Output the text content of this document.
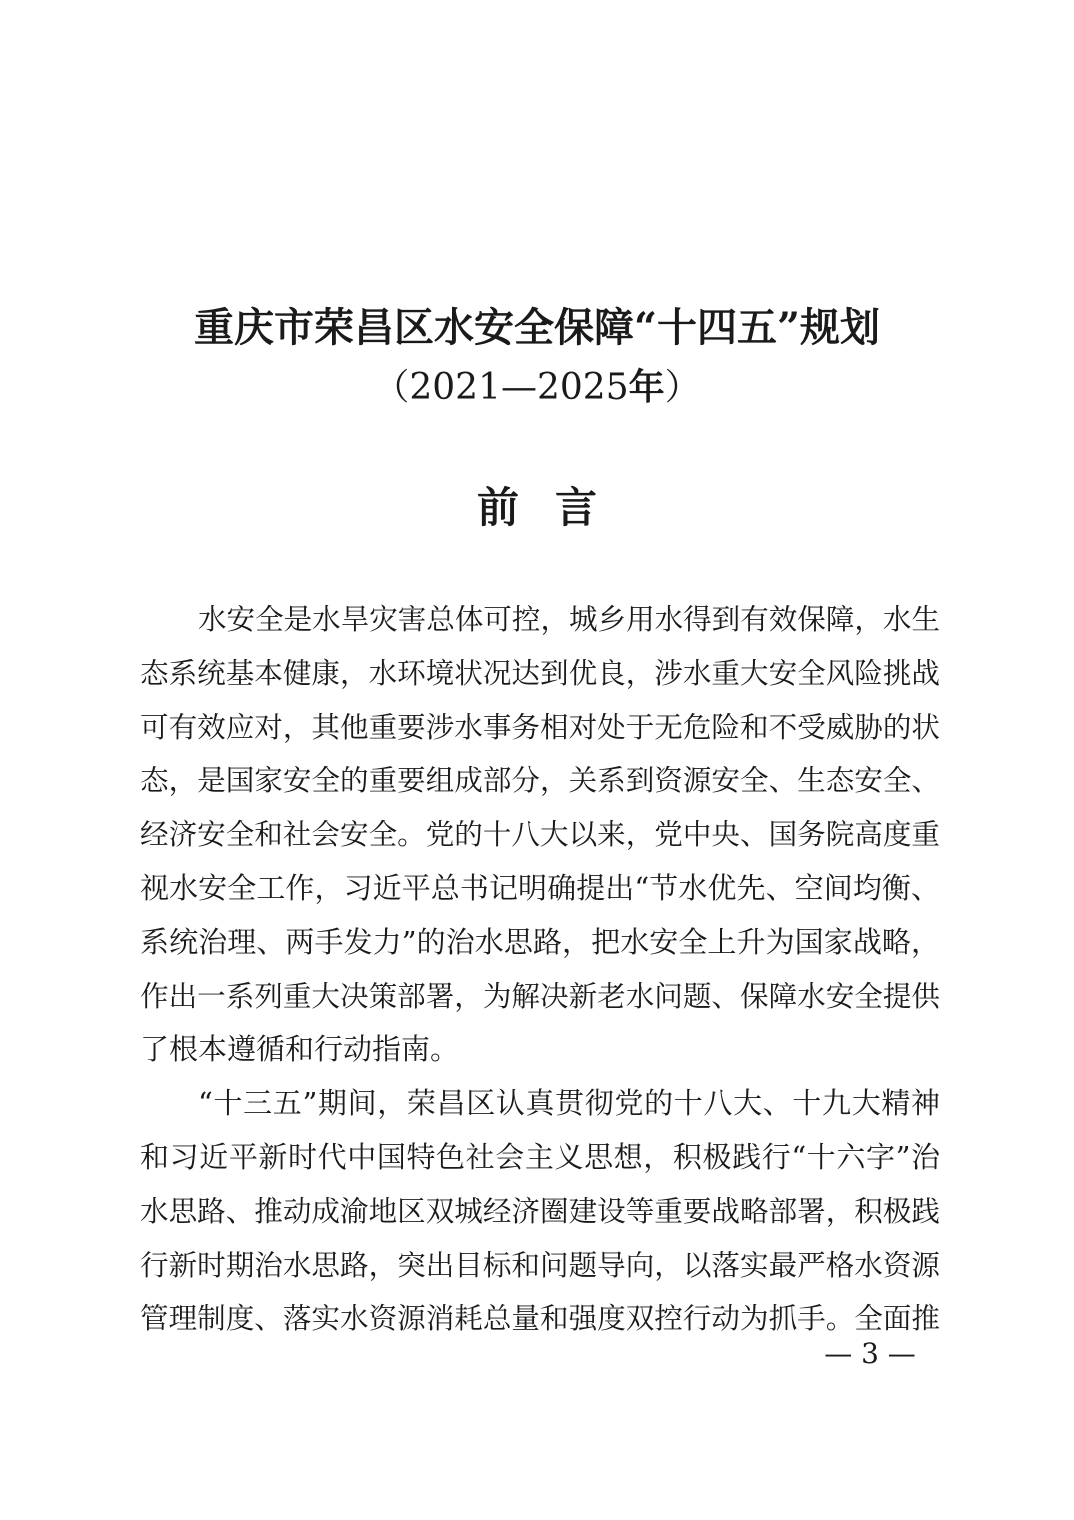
重庆市荣昌区水安全保障“十四五”规划

（2021—2025年）

前言
水安全是水旱灾害总体可控，城乡用水得到有效保障，水生
态系统基本健康，水环境状况达到优良，涉水重大安全风险挑战
可有效应对，其他重要涉水事务相对处于无危险和不受威胁的状
态，是国家安全的重要组成部分，关系到资源安全、生态安全、
经济安全和社会安全。党的十八大以来，党中央、国务院高度重
视水安全工作，习近平总书记明确提出“节水优先、空间均衡、
系统治理、两手发力”的治水思路，把水安全上升为国家战略，
作出一系列重大决策部署，为解决新老水问题、保障水安全提供
了根本遵循和行动指南。
“十三五”期间，荣昌区认真贯彻党的十八大、十九大精神
和习近平新时代中国特色社会主义思想，积极践行“十六字”治
水思路、推动成渝地区双城经济圈建设等重要战略部署，积极践
行新时期治水思路，突出目标和问题导向，以落实最严格水资源
管理制度、落实水资源消耗总量和强度双控行动为抓手。全面推
— 3 —
